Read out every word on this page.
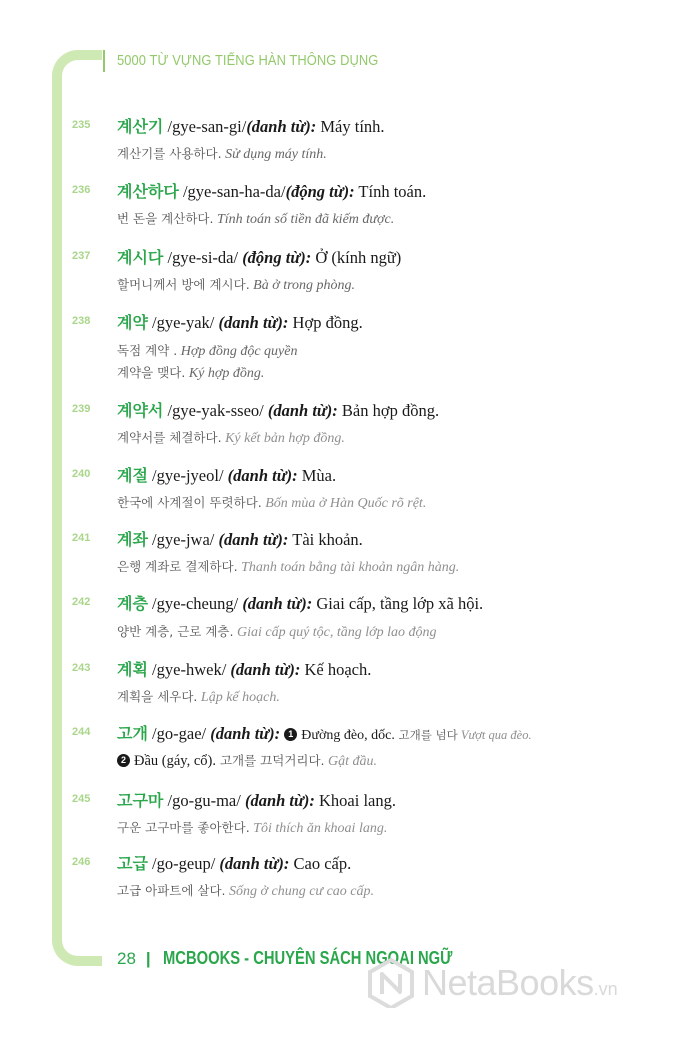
5000 TỪ VỰNG TIẾNG HÀN THÔNG DỤNG
235	계산기 /gye-san-gi/(danh từ): Máy tính.
계산기를 사용하다. Sử dụng máy tính.
236	계산하다 /gye-san-ha-da/(động từ): Tính toán.
번 돈을 계산하다. Tính toán số tiền đã kiếm được.
237	계시다 /gye-si-da/ (động từ): Ở (kính ngữ)
할머니께서 방에 계시다. Bà ở trong phòng.
238	계약 /gye-yak/ (danh từ): Hợp đồng.
독점 계약 . Hợp đồng độc quyền
계약을 맺다. Ký hợp đồng.
239	계약서 /gye-yak-sseo/ (danh từ): Bản hợp đồng.
계약서를 체결하다. Ký kết bản hợp đồng.
240	계절 /gye-jyeol/ (danh từ): Mùa.
한국에 사계절이 뚜렷하다. Bốn mùa ở Hàn Quốc rõ rệt.
241	계좌 /gye-jwa/ (danh từ): Tài khoản.
은행 계좌로 결제하다. Thanh toán bằng tài khoản ngân hàng.
242	계층 /gye-cheung/ (danh từ): Giai cấp, tầng lớp xã hội.
양반 계층, 근로 계층. Giai cấp quý tộc, tầng lớp lao động
243	계획 /gye-hwek/ (danh từ): Kế hoạch.
계획을 세우다. Lập kế hoạch.
244	고개 /go-gae/ (danh từ): 1 Đường đèo, dốc. 고개를 넘다 Vượt qua đèo.
2 Đầu (gáy, cổ). 고개를 끄덕거리다. Gật đầu.
245	고구마 /go-gu-ma/ (danh từ): Khoai lang.
구운 고구마를 좋아한다. Tôi thích ăn khoai lang.
246	고급 /go-geup/ (danh từ): Cao cấp.
고급 아파트에 살다. Sống ở chung cư cao cấp.
28 | MCBOOKS - CHUYÊN SÁCH NGOẠI NGỮ
NetaBooks.vn
